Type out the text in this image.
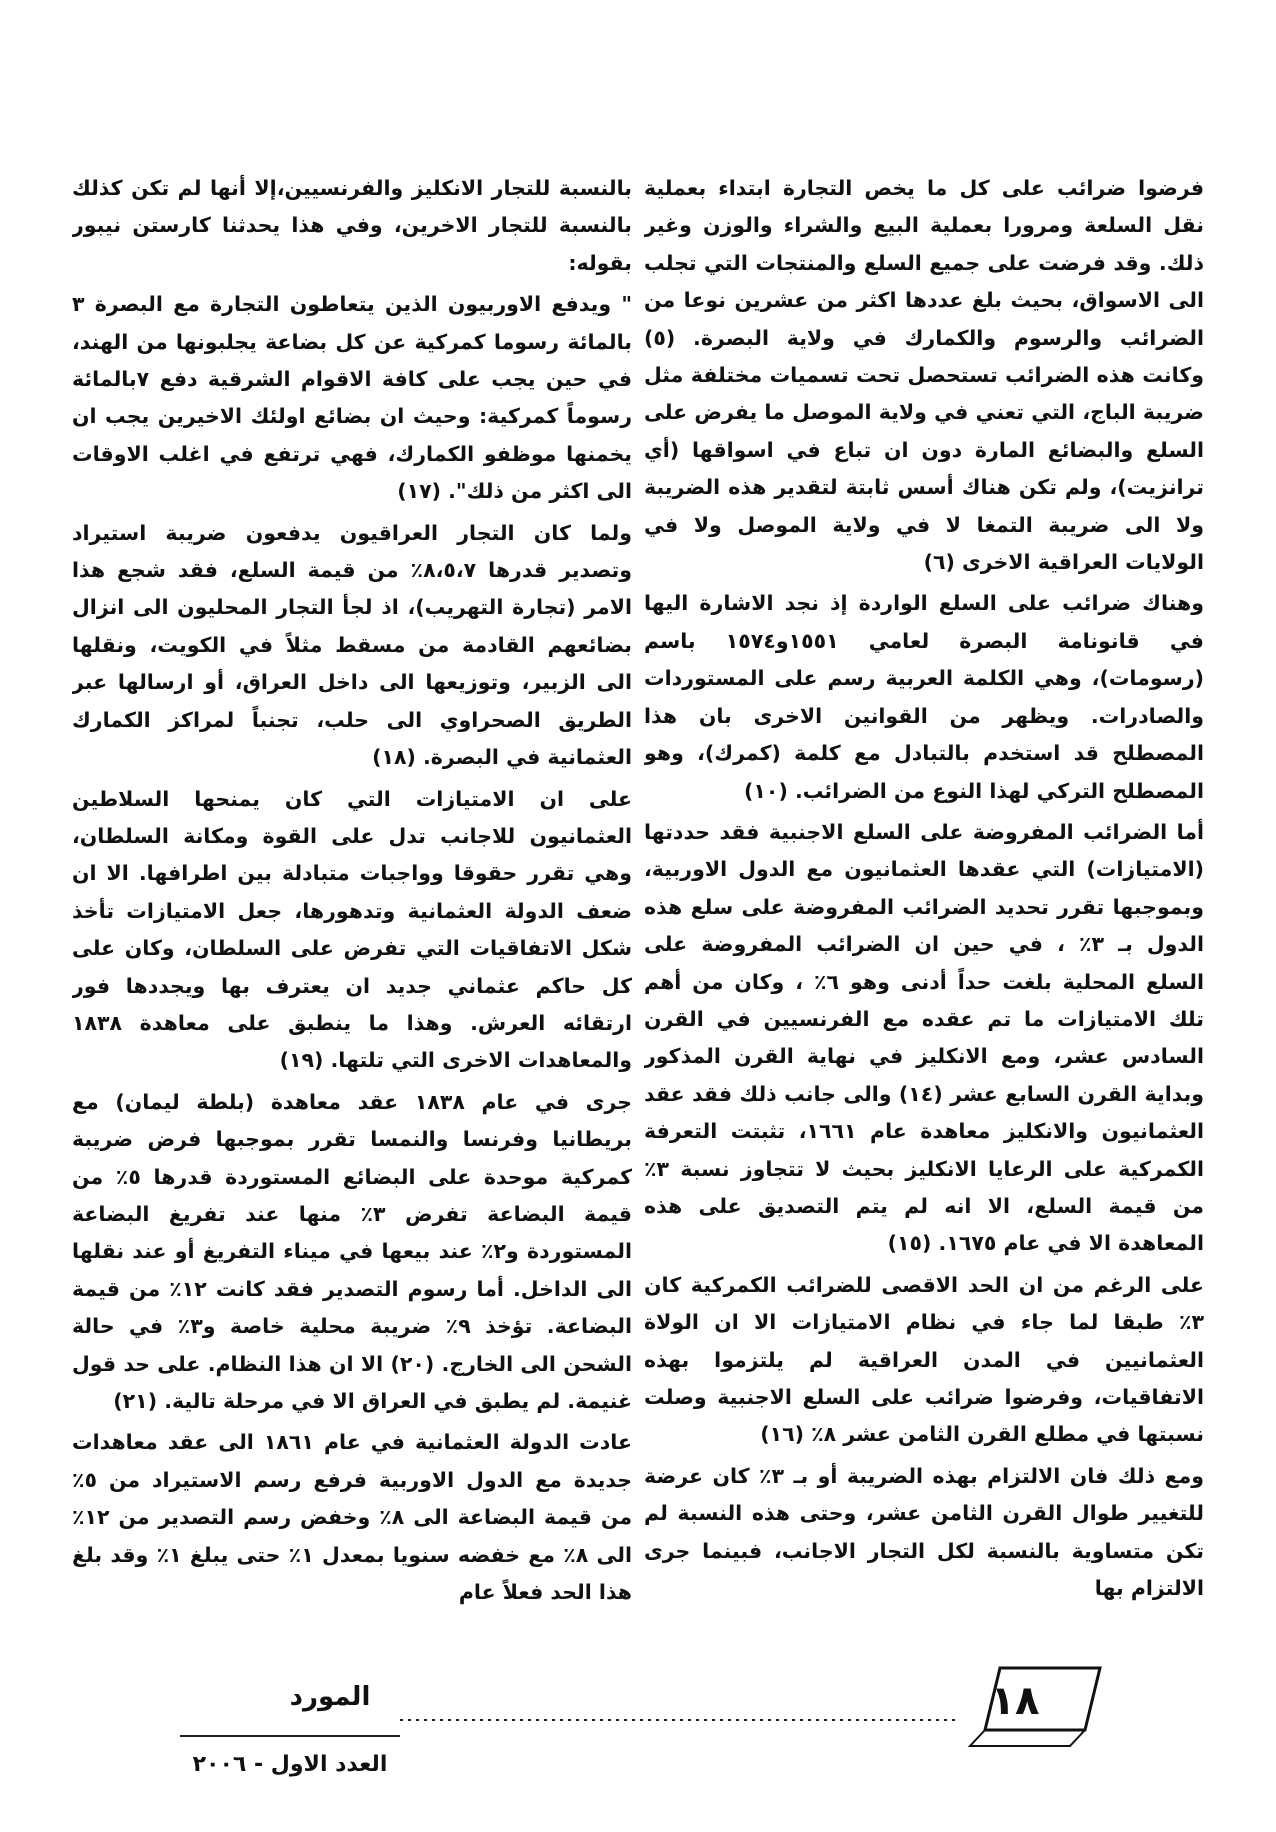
فرضوا ضرائب على كل ما يخص التجارة ابتداء بعملية نقل السلعة ومرورا بعملية البيع والشراء والوزن وغير ذلك. وقد فرضت على جميع السلع والمنتجات التي تجلب الى الاسواق، بحيث بلغ عددها اكثر من عشرين نوعا من الضرائب والرسوم والكمارك في ولاية البصرة. (٥) وكانت هذه الضرائب تستحصل تحت تسميات مختلفة مثل ضريبة الباج، التي تعني في ولاية الموصل ما يفرض على السلع والبضائع المارة دون ان تباع في اسواقها (أي ترانزيت)، ولم تكن هناك أسس ثابتة لتقدير هذه الضريبة ولا الى ضريبة التمغا لا في ولاية الموصل ولا في الولايات العراقية الاخرى (٦)
وهناك ضرائب على السلع الواردة إذ نجد الاشارة اليها في قانونامة البصرة لعامي ١٥٥١و١٥٧٤ باسم (رسومات)، وهي الكلمة العربية رسم على المستوردات والصادرات. ويظهر من القوانين الاخرى بان هذا المصطلح قد استخدم بالتبادل مع كلمة (كمرك)، وهو المصطلح التركي لهذا النوع من الضرائب. (١٠)
أما الضرائب المفروضة على السلع الاجنبية فقد حددتها (الامتيازات) التي عقدها العثمانيون مع الدول الاوربية، وبموجبها تقرر تحديد الضرائب المفروضة على سلع هذه الدول بـ ٣٪ ، في حين ان الضرائب المفروضة على السلع المحلية بلغت حداً أدنى وهو ٦٪ ، وكان من أهم تلك الامتيازات ما تم عقده مع الفرنسيين في القرن السادس عشر، ومع الانكليز في نهاية القرن المذكور وبداية القرن السابع عشر (١٤) والى جانب ذلك فقد عقد العثمانيون والانكليز معاهدة عام ١٦٦١، تثبتت التعرفة الكمركية على الرعايا الانكليز بحيث لا تتجاوز نسبة ٣٪ من قيمة السلع، الا انه لم يتم التصديق على هذه المعاهدة الا في عام ١٦٧٥. (١٥)
على الرغم من ان الحد الاقصى للضرائب الكمركية كان ٣٪ طبقا لما جاء في نظام الامتيازات الا ان الولاة العثمانيين في المدن العراقية لم يلتزموا بهذه الاتفاقيات، وفرضوا ضرائب على السلع الاجنبية وصلت نسبتها في مطلع القرن الثامن عشر ٨٪ (١٦)
ومع ذلك فان الالتزام بهذه الضريبة أو بـ ٣٪ كان عرضة للتغيير طوال القرن الثامن عشر، وحتى هذه النسبة لم تكن متساوية بالنسبة لكل التجار الاجانب، فبينما جرى الالتزام بها
بالنسبة للتجار الانكليز والفرنسيين،إلا أنها لم تكن كذلك بالنسبة للتجار الاخرين، وفي هذا يحدثنا كارستن نيبور بقوله:
" ويدفع الاوربيون الذين يتعاطون التجارة مع البصرة ٣ بالمائة رسوما كمركية عن كل بضاعة يجلبونها من الهند، في حين يجب على كافة الاقوام الشرقية دفع ٧بالمائة رسوماً كمركية: وحيث ان بضائع اولئك الاخيرين يجب ان يخمنها موظفو الكمارك، فهي ترتفع في اغلب الاوقات الى اكثر من ذلك". (١٧)
ولما كان التجار العراقيون يدفعون ضريبة استيراد وتصدير قدرها ٨،٥،٧٪ من قيمة السلع، فقد شجع هذا الامر (تجارة التهريب)، اذ لجأ التجار المحليون الى انزال بضائعهم القادمة من مسقط مثلاً في الكويت، ونقلها الى الزبير، وتوزيعها الى داخل العراق، أو ارسالها عبر الطريق الصحراوي الى حلب، تجنباً لمراكز الكمارك العثمانية في البصرة. (١٨)
على ان الامتيازات التي كان يمنحها السلاطين العثمانيون للاجانب تدل على القوة ومكانة السلطان، وهي تقرر حقوقا وواجبات متبادلة بين اطرافها. الا ان ضعف الدولة العثمانية وتدهورها، جعل الامتيازات تأخذ شكل الاتفاقيات التي تفرض على السلطان، وكان على كل حاكم عثماني جديد ان يعترف بها ويجددها فور ارتقائه العرش. وهذا ما ينطبق على معاهدة ١٨٣٨ والمعاهدات الاخرى التي تلتها. (١٩)
جرى في عام ١٨٣٨ عقد معاهدة (بلطة ليمان) مع بريطانيا وفرنسا والنمسا تقرر بموجبها فرض ضريبة كمركية موحدة على البضائع المستوردة قدرها ٥٪ من قيمة البضاعة تفرض ٣٪ منها عند تفريغ البضاعة المستوردة و٢٪ عند بيعها في ميناء التفريغ أو عند نقلها الى الداخل. أما رسوم التصدير فقد كانت ١٢٪ من قيمة البضاعة. تؤخذ ٩٪ ضريبة محلية خاصة و٣٪ في حالة الشحن الى الخارج. (٢٠) الا ان هذا النظام. على حد قول غنيمة. لم يطبق في العراق الا في مرحلة تالية. (٢١)
عادت الدولة العثمانية في عام ١٨٦١ الى عقد معاهدات جديدة مع الدول الاوربية فرفع رسم الاستيراد من ٥٪ من قيمة البضاعة الى ٨٪ وخفض رسم التصدير من ١٢٪ الى ٨٪ مع خفضه سنويا بمعدل ١٪ حتى يبلغ ١٪ وقد بلغ هذا الحد فعلاً عام
١٨
المورد
العدد الاول - ٢٠٠٦
